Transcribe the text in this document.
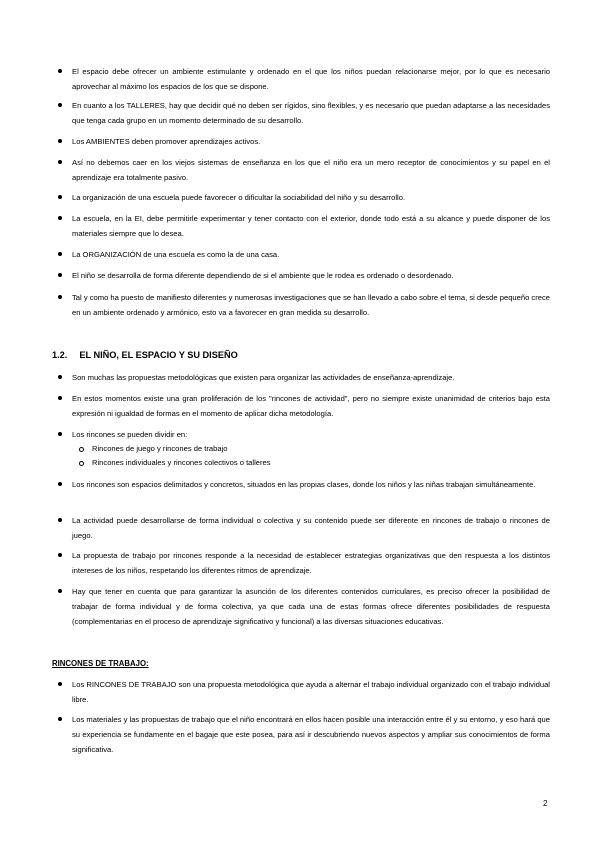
El espacio debe ofrecer un ambiente estimulante y ordenado en el que los niños puedan relacionarse mejor, por lo que es necesario aprovechar al máximo los espacios de los que se dispone.
En cuanto a los TALLERES, hay que decidir qué no deben ser rígidos, sino flexibles, y es necesario que puedan adaptarse a las necesidades que tenga cada grupo en un momento determinado de su desarrollo.
Los AMBIENTES deben promover aprendizajes activos.
Así no debemos caer en los viejos sistemas de enseñanza en los que el niño era un mero receptor de conocimientos y su papel en el aprendizaje era totalmente pasivo.
La organización de una escuela puede favorecer o dificultar la sociabilidad del niño y su desarrollo.
La escuela, en la EI, debe permitirle experimentar y tener contacto con el exterior, donde todo está a su alcance y puede disponer de los materiales siempre que lo desea.
La ORGANIZACIÓN de una escuela es como la de una casa.
El niño se desarrolla de forma diferente dependiendo de si el ambiente que le rodea es ordenado o desordenado.
Tal y como ha puesto de manifiesto diferentes y numerosas investigaciones que se han llevado a cabo sobre el tema, si desde pequeño crece en un ambiente ordenado y armónico, esto va a favorecer en gran medida su desarrollo.
1.2. EL NIÑO, EL ESPACIO Y SU DISEÑO
Son muchas las propuestas metodológicas que existen para organizar las actividades de enseñanza-aprendizaje.
En estos momentos existe una gran proliferación de los "rincones de actividad", pero no siempre existe unanimidad de criterios bajo esta expresión ni igualdad de formas en el momento de aplicar dicha metodología.
Los rincones se pueden dividir en:
Rincones de juego y rincones de trabajo
Rincones individuales y rincones colectivos o talleres
Los rincones son espacios delimitados y concretos, situados en las propias clases, donde los niños y las niñas trabajan simultáneamente.
La actividad puede desarrollarse de forma individual o colectiva y su contenido puede ser diferente en rincones de trabajo o rincones de juego.
La propuesta de trabajo por rincones responde a la necesidad de establecer estrategias organizativas que den respuesta a los distintos intereses de los niños, respetando los diferentes ritmos de aprendizaje.
Hay que tener en cuenta que para garantizar la asunción de los diferentes contenidos curriculares, es preciso ofrecer la posibilidad de trabajar de forma individual y de forma colectiva, ya que cada una de estas formas ofrece diferentes posibilidades de respuesta (complementarias en el proceso de aprendizaje significativo y funcional) a las diversas situaciones educativas.
RINCONES DE TRABAJO:
Los RINCONES DE TRABAJO son una propuesta metodológica que ayuda a alternar el trabajo individual organizado con el trabajo individual libre.
Los materiales y las propuestas de trabajo que el niño encontrará en ellos hacen posible una interacción entre él y su entorno, y eso hará que su experiencia se fundamente en el bagaje que este posea, para así ir descubriendo nuevos aspectos y ampliar sus conocimientos de forma significativa.
2
